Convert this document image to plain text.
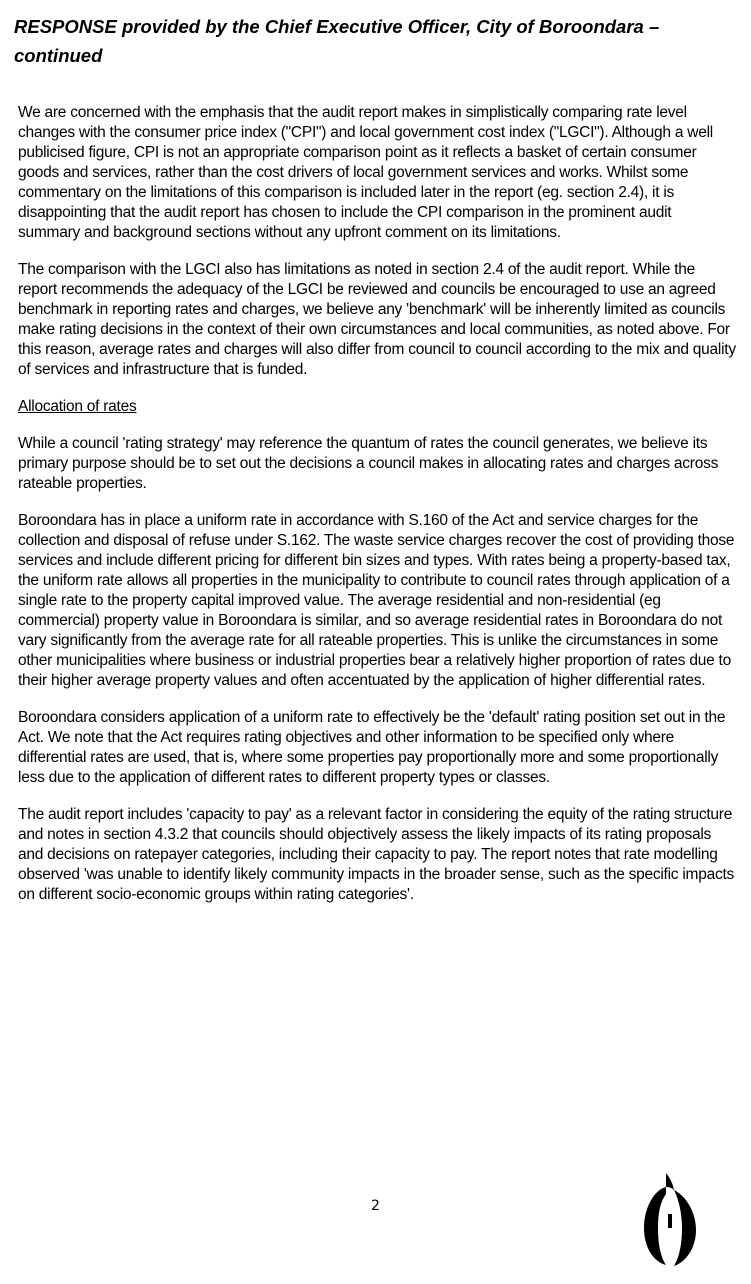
RESPONSE provided by the Chief Executive Officer, City of Boroondara – continued

We are concerned with the emphasis that the audit report makes in simplistically comparing rate level changes with the consumer price index ("CPI") and local government cost index ("LGCI"). Although a well publicised figure, CPI is not an appropriate comparison point as it reflects a basket of certain consumer goods and services, rather than the cost drivers of local government services and works. Whilst some commentary on the limitations of this comparison is included later in the report (eg. section 2.4), it is disappointing that the audit report has chosen to include the CPI comparison in the prominent audit summary and background sections without any upfront comment on its limitations.

The comparison with the LGCI also has limitations as noted in section 2.4 of the audit report. While the report recommends the adequacy of the LGCI be reviewed and councils be encouraged to use an agreed benchmark in reporting rates and charges, we believe any 'benchmark' will be inherently limited as councils make rating decisions in the context of their own circumstances and local communities, as noted above. For this reason, average rates and charges will also differ from council to council according to the mix and quality of services and infrastructure that is funded.

Allocation of rates

While a council 'rating strategy' may reference the quantum of rates the council generates, we believe its primary purpose should be to set out the decisions a council makes in allocating rates and charges across rateable properties.

Boroondara has in place a uniform rate in accordance with S.160 of the Act and service charges for the collection and disposal of refuse under S.162. The waste service charges recover the cost of providing those services and include different pricing for different bin sizes and types. With rates being a property-based tax, the uniform rate allows all properties in the municipality to contribute to council rates through application of a single rate to the property capital improved value. The average residential and non-residential (eg commercial) property value in Boroondara is similar, and so average residential rates in Boroondara do not vary significantly from the average rate for all rateable properties. This is unlike the circumstances in some other municipalities where business or industrial properties bear a relatively higher proportion of rates due to their higher average property values and often accentuated by the application of higher differential rates.

Boroondara considers application of a uniform rate to effectively be the 'default' rating position set out in the Act. We note that the Act requires rating objectives and other information to be specified only where differential rates are used, that is, where some properties pay proportionally more and some proportionally less due to the application of different rates to different property types or classes.

The audit report includes 'capacity to pay' as a relevant factor in considering the equity of the rating structure and notes in section 4.3.2 that councils should objectively assess the likely impacts of its rating proposals and decisions on ratepayer categories, including their capacity to pay. The report notes that rate modelling observed 'was unable to identify likely community impacts in the broader sense, such as the specific impacts on different socio-economic groups within rating categories'.

2
